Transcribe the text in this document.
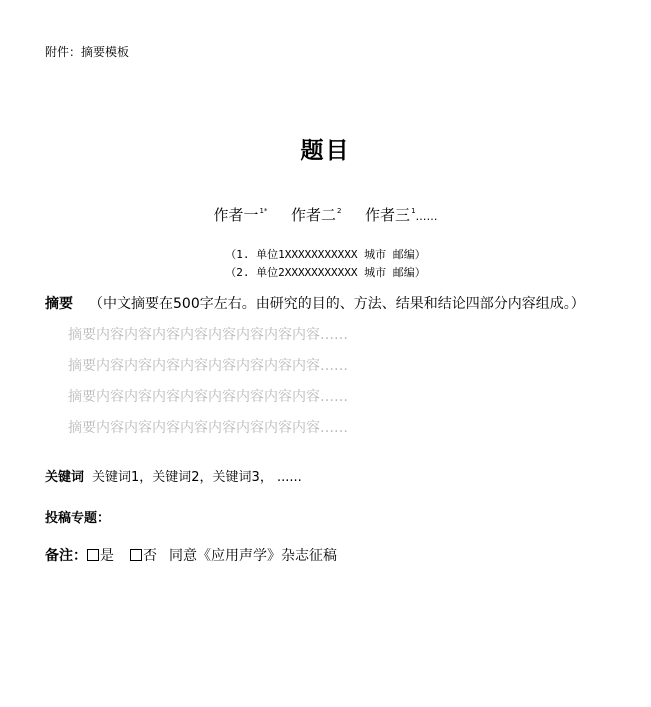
附件：摘要模板
题目
作者一$^{1*}$ 作者二$^2$ 作者三$^1$……
（1. 单位1XXXXXXXXXXX 城市 邮编）
（2. 单位2XXXXXXXXXXX 城市 邮编）
摘要 （中文摘要在500字左右。由研究的目的、方法、结果和结论四部分内容组成。）
摘要内容内容内容内容内容内容内容内容……
摘要内容内容内容内容内容内容内容内容……
摘要内容内容内容内容内容内容内容内容……
摘要内容内容内容内容内容内容内容内容……
关键词 关键词1，关键词2，关键词3， ......
投稿专题：
备注： 是 否 同意《应用声学》杂志征稿
